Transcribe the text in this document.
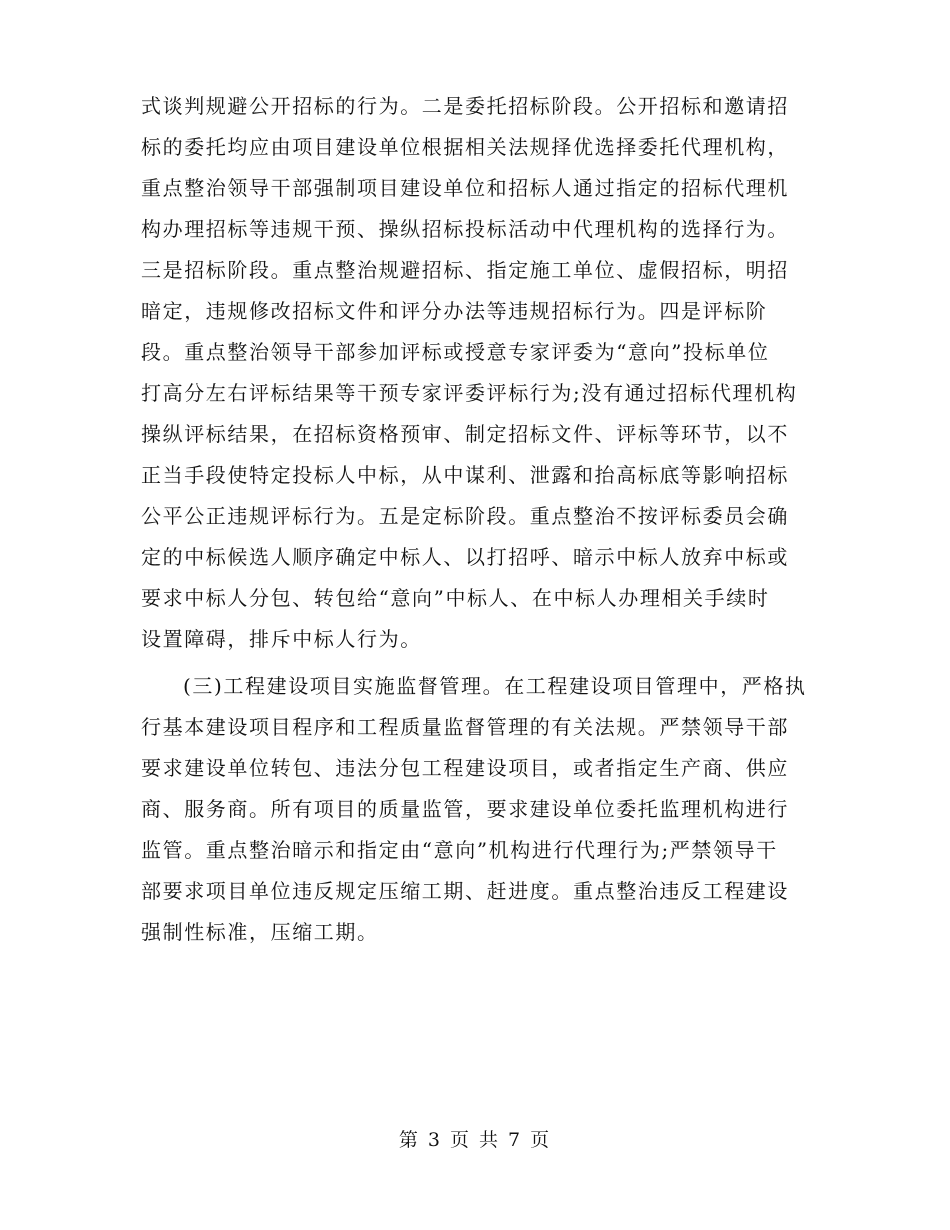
式谈判规避公开招标的行为。二是委托招标阶段。公开招标和邀请招
标的委托均应由项目建设单位根据相关法规择优选择委托代理机构，
重点整治领导干部强制项目建设单位和招标人通过指定的招标代理机
构办理招标等违规干预、操纵招标投标活动中代理机构的选择行为。
三是招标阶段。重点整治规避招标、指定施工单位、虚假招标，明招
暗定，违规修改招标文件和评分办法等违规招标行为。四是评标阶
段。重点整治领导干部参加评标或授意专家评委为“意向”投标单位
打高分左右评标结果等干预专家评委评标行为;没有通过招标代理机构
操纵评标结果，在招标资格预审、制定招标文件、评标等环节，以不
正当手段使特定投标人中标，从中谋利、泄露和抬高标底等影响招标
公平公正违规评标行为。五是定标阶段。重点整治不按评标委员会确
定的中标候选人顺序确定中标人、以打招呼、暗示中标人放弃中标或
要求中标人分包、转包给“意向”中标人、在中标人办理相关手续时
设置障碍，排斥中标人行为。
(三)工程建设项目实施监督管理。在工程建设项目管理中，严格执
行基本建设项目程序和工程质量监督管理的有关法规。严禁领导干部
要求建设单位转包、违法分包工程建设项目，或者指定生产商、供应
商、服务商。所有项目的质量监管，要求建设单位委托监理机构进行
监管。重点整治暗示和指定由“意向”机构进行代理行为;严禁领导干
部要求项目单位违反规定压缩工期、赶进度。重点整治违反工程建设
强制性标准，压缩工期。
第 3 页 共 7 页
